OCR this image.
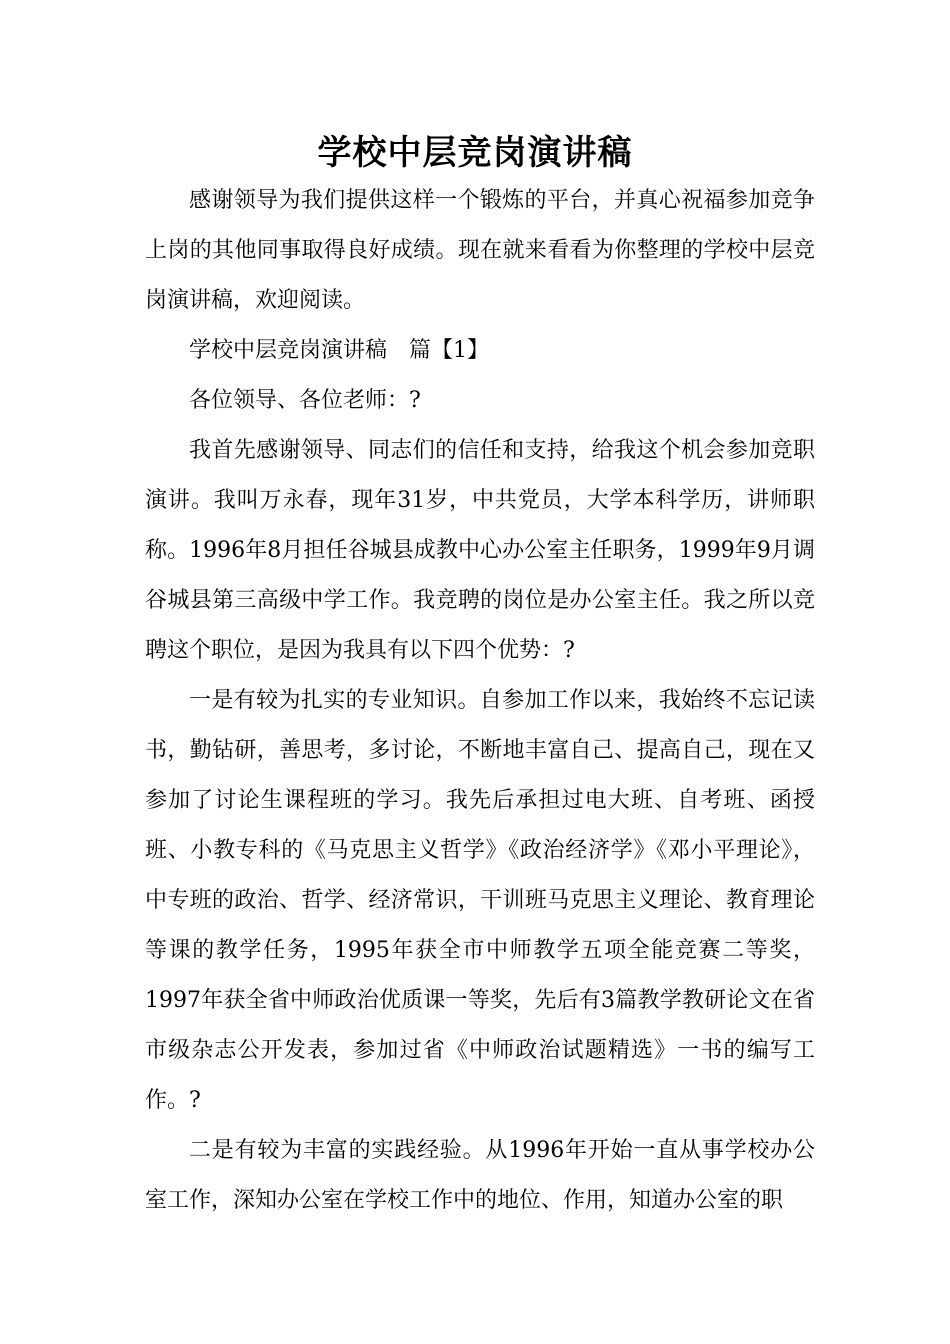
学校中层竞岗演讲稿

感谢领导为我们提供这样一个锻炼的平台，并真心祝福参加竞争上岗的其他同事取得良好成绩。现在就来看看为你整理的学校中层竞岗演讲稿，欢迎阅读。

学校中层竞岗演讲稿　篇【1】

各位领导、各位老师：?

我首先感谢领导、同志们的信任和支持，给我这个机会参加竞职演讲。我叫万永春，现年31岁，中共党员，大学本科学历，讲师职称。1996年8月担任谷城县成教中心办公室主任职务，1999年9月调谷城县第三高级中学工作。我竞聘的岗位是办公室主任。我之所以竞聘这个职位，是因为我具有以下四个优势：?

一是有较为扎实的专业知识。自参加工作以来，我始终不忘记读书，勤钻研，善思考，多讨论，不断地丰富自己、提高自己，现在又参加了讨论生课程班的学习。我先后承担过电大班、自考班、函授班、小教专科的《马克思主义哲学》《政治经济学》《邓小平理论》，中专班的政治、哲学、经济常识，干训班马克思主义理论、教育理论等课的教学任务，1995年获全市中师教学五项全能竞赛二等奖，1997年获全省中师政治优质课一等奖，先后有3篇教学教研论文在省市级杂志公开发表，参加过省《中师政治试题精选》一书的编写工作。?

二是有较为丰富的实践经验。从1996年开始一直从事学校办公室工作，深知办公室在学校工作中的地位、作用，知道办公室的职
